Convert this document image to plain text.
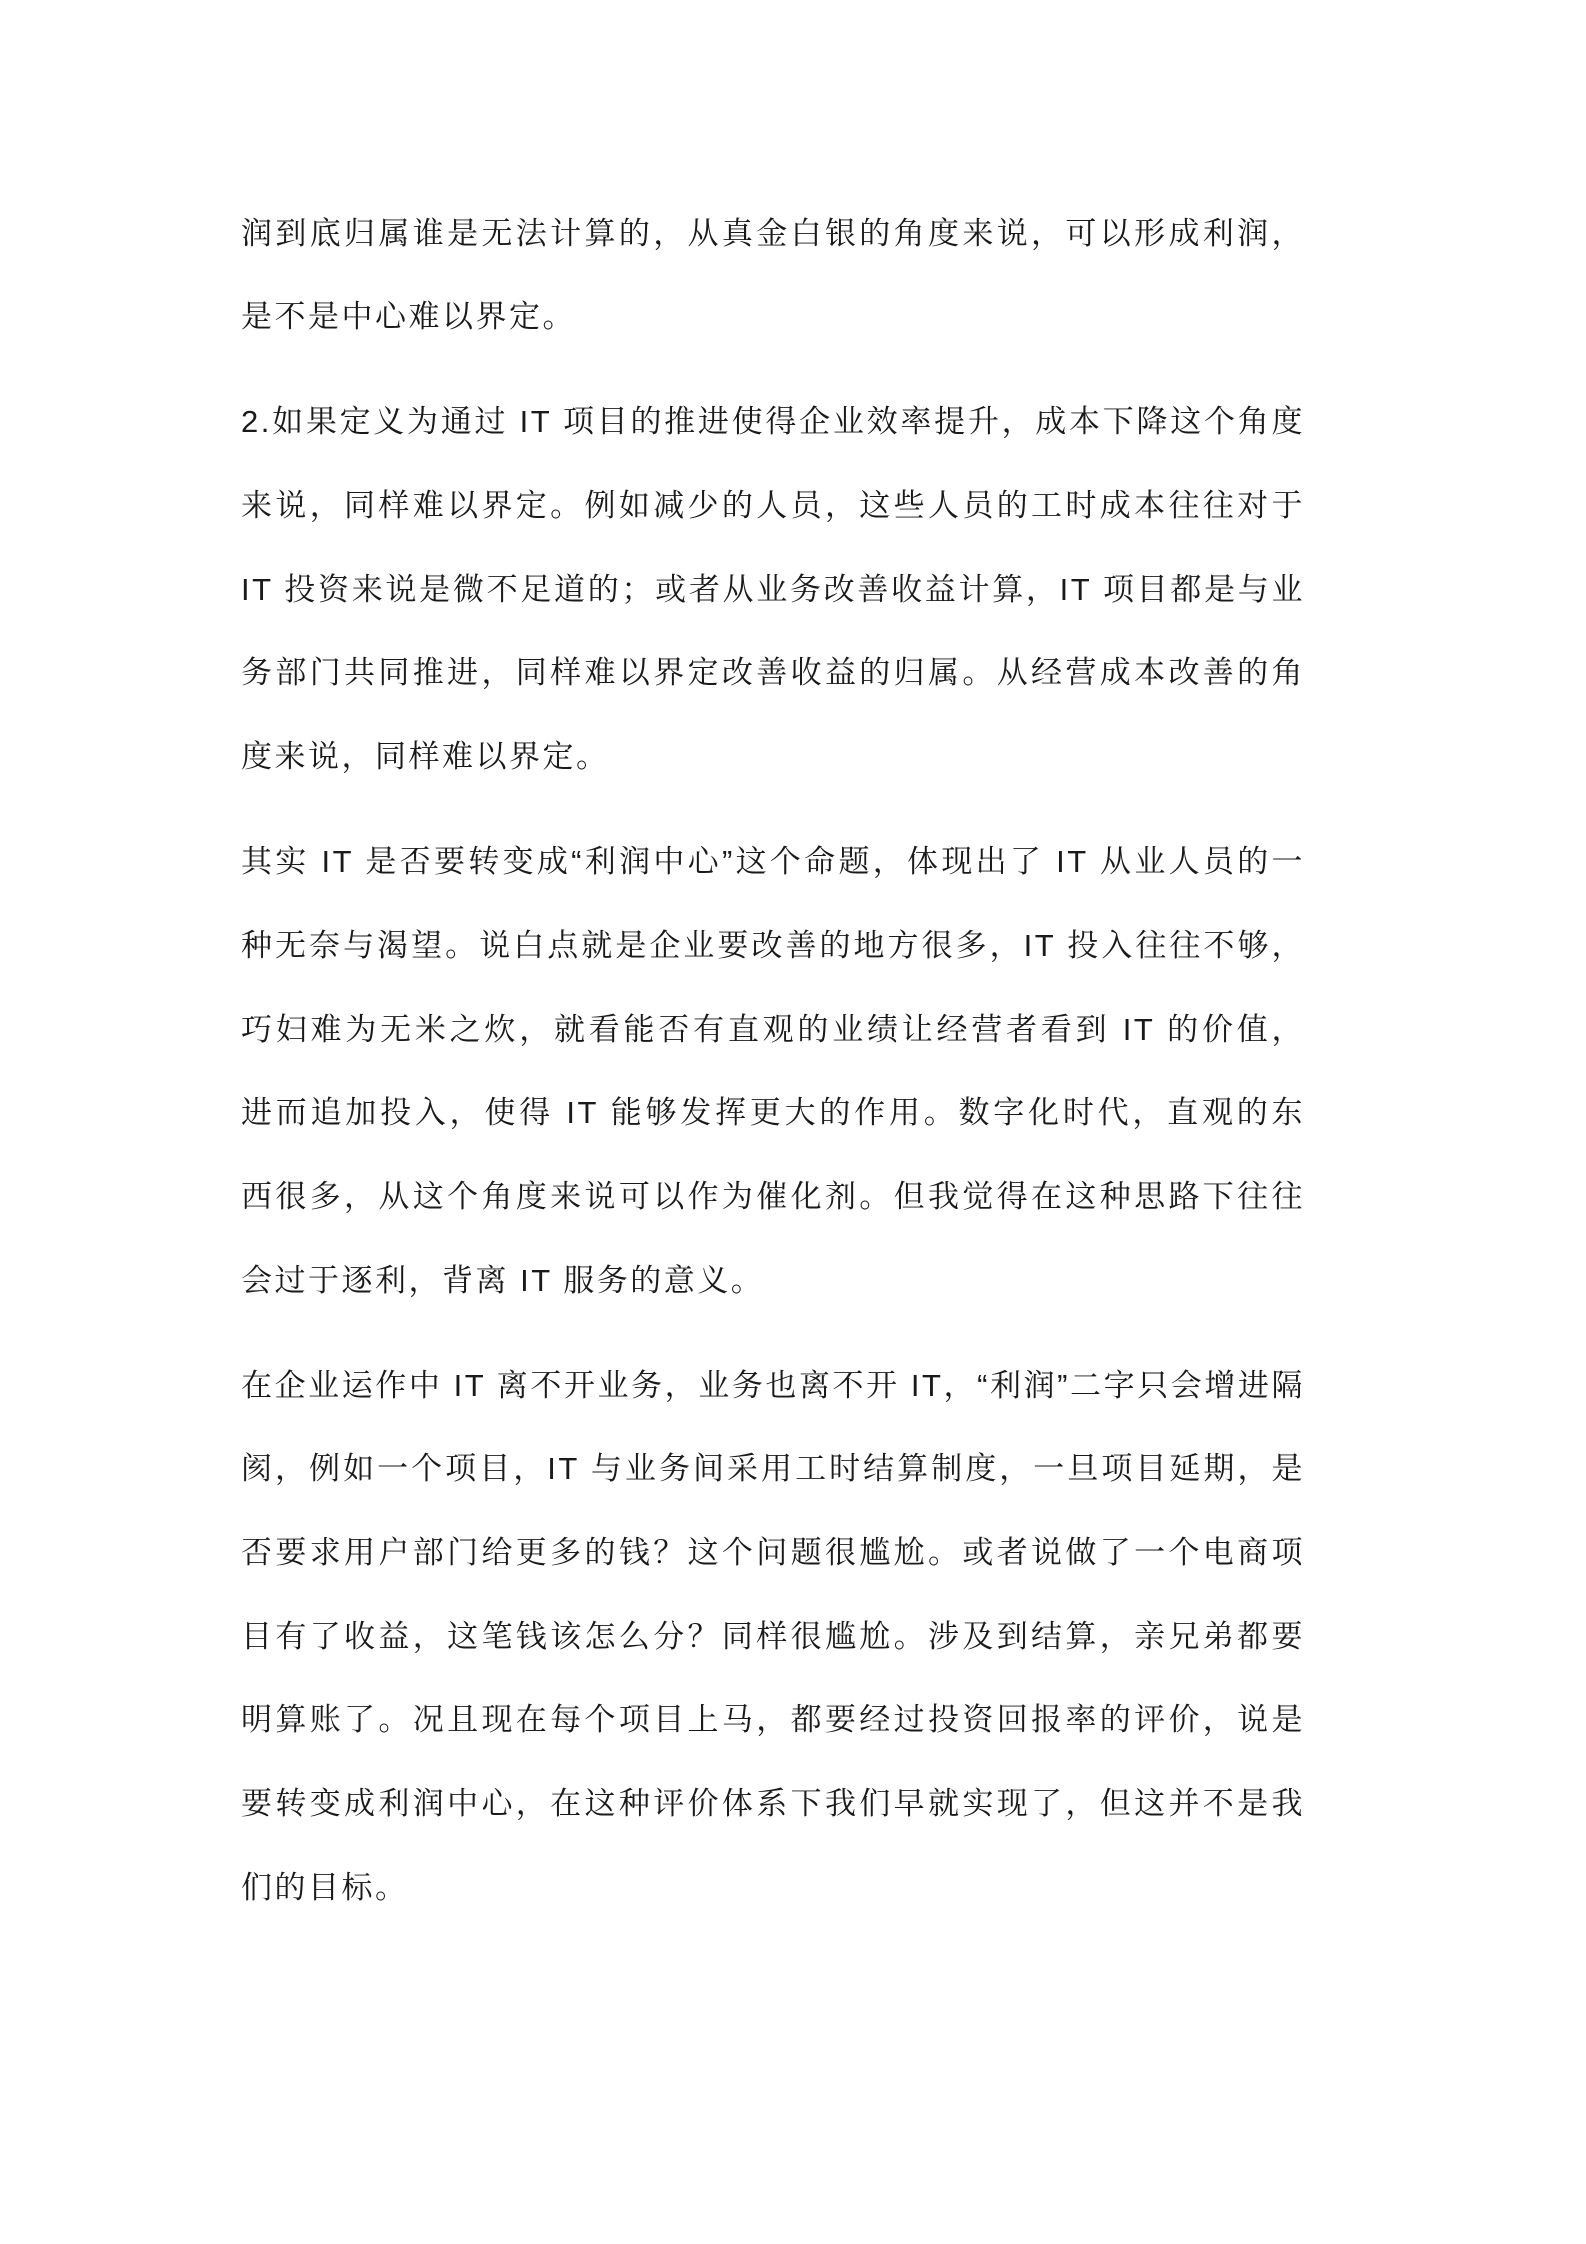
润到底归属谁是无法计算的，从真金白银的角度来说，可以形成利润，
是不是中心难以界定。
2.如果定义为通过 IT 项目的推进使得企业效率提升，成本下降这个角度
来说，同样难以界定。例如减少的人员，这些人员的工时成本往往对于
IT 投资来说是微不足道的；或者从业务改善收益计算，IT 项目都是与业
务部门共同推进，同样难以界定改善收益的归属。从经营成本改善的角
度来说，同样难以界定。
其实 IT 是否要转变成“利润中心”这个命题，体现出了 IT 从业人员的一
种无奈与渴望。说白点就是企业要改善的地方很多，IT 投入往往不够，
巧妇难为无米之炊，就看能否有直观的业绩让经营者看到 IT 的价值，
进而追加投入，使得 IT 能够发挥更大的作用。数字化时代，直观的东
西很多，从这个角度来说可以作为催化剂。但我觉得在这种思路下往往
会过于逐利，背离 IT 服务的意义。
在企业运作中 IT 离不开业务，业务也离不开 IT，“利润”二字只会增进隔
阂，例如一个项目，IT 与业务间采用工时结算制度，一旦项目延期，是
否要求用户部门给更多的钱？这个问题很尴尬。或者说做了一个电商项
目有了收益，这笔钱该怎么分？同样很尴尬。涉及到结算，亲兄弟都要
明算账了。况且现在每个项目上马，都要经过投资回报率的评价，说是
要转变成利润中心，在这种评价体系下我们早就实现了，但这并不是我
们的目标。
